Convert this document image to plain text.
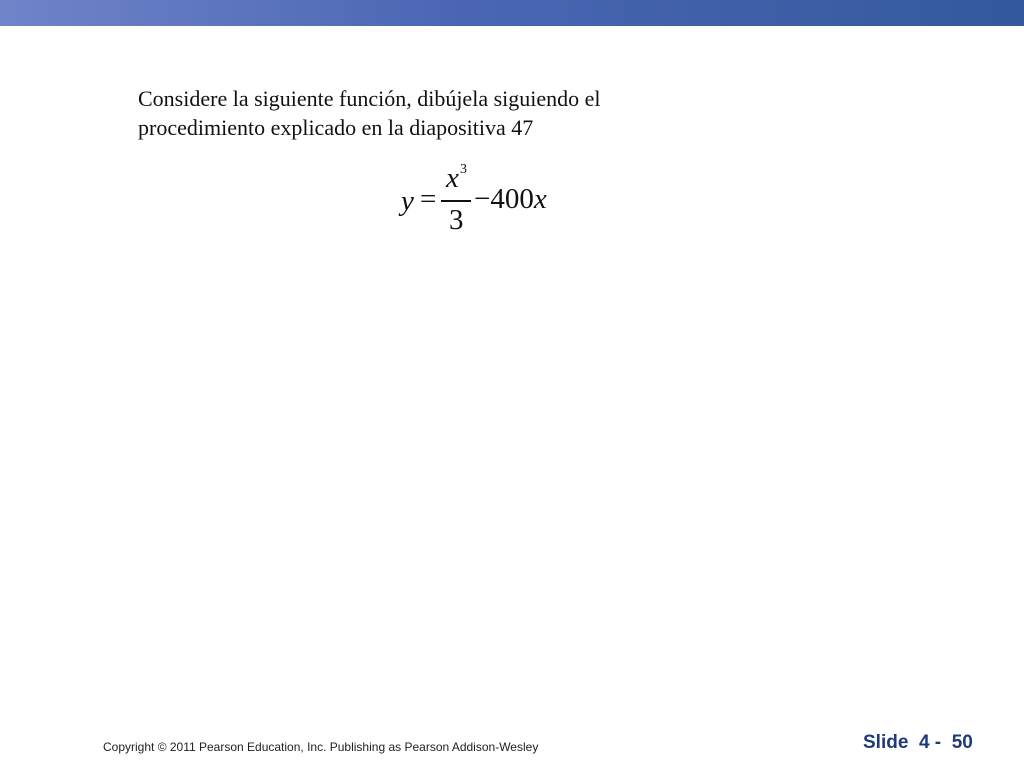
Considere la siguiente función, dibújela siguiendo el
procedimiento explicado en la diapositiva 47
y =
x 3
3
−400x
Copyright © 2011 Pearson Education, Inc. Publishing as Pearson Addison-Wesley	Slide  4 -  50
